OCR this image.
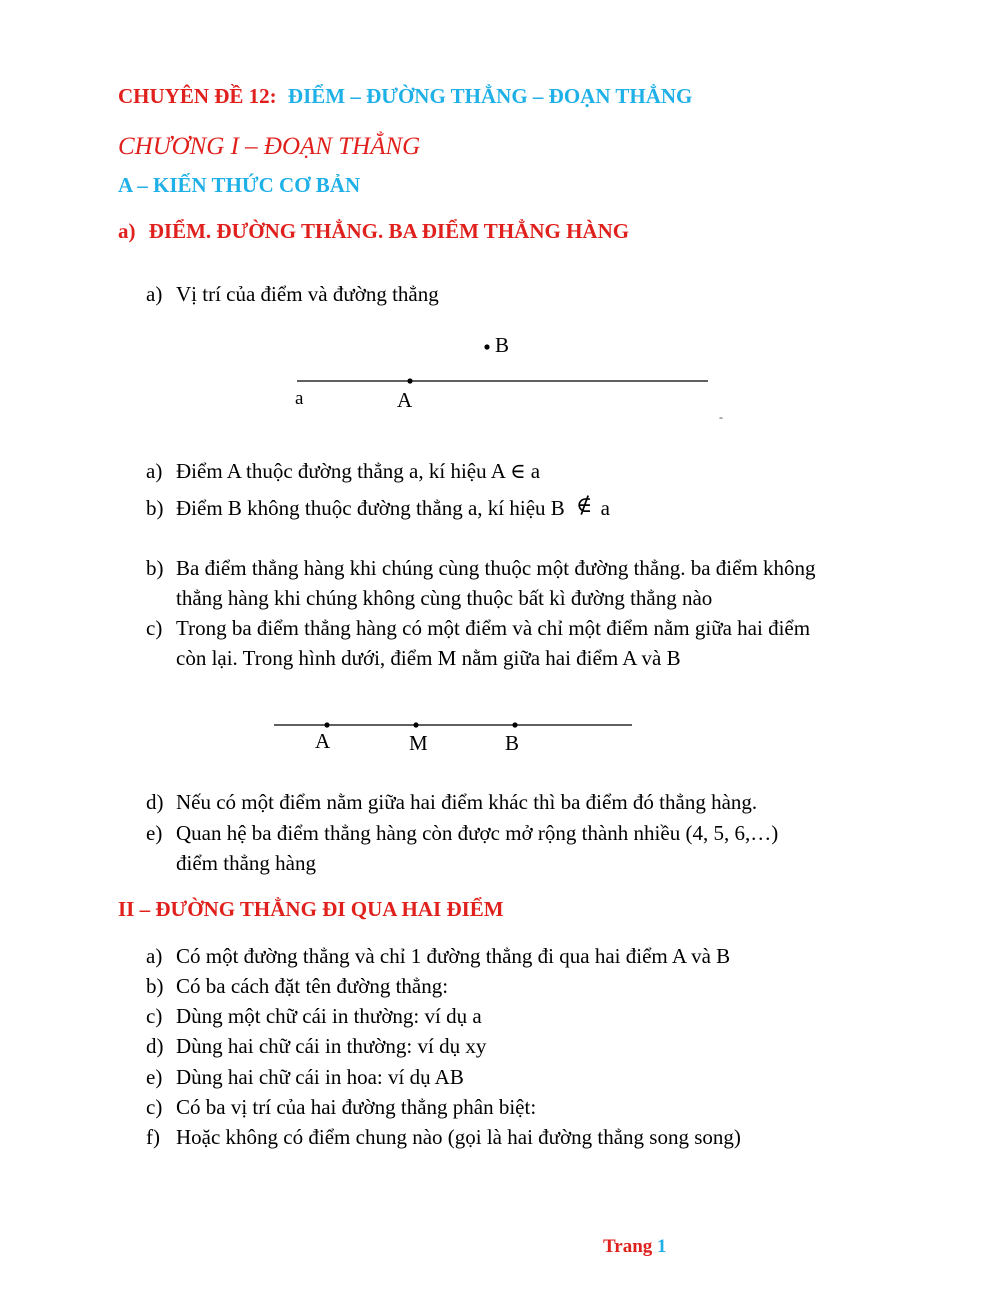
CHUYÊN ĐỀ 12: ĐIỂM – ĐƯỜNG THẲNG – ĐOẠN THẲNG
CHƯƠNG I – ĐOẠN THẲNG
A – KIẾN THỨC CƠ BẢN
a) ĐIỂM. ĐƯỜNG THẲNG. BA ĐIỂM THẲNG HÀNG
a) Vị trí của điểm và đường thẳng
B
a	A
-
a) Điểm A thuộc đường thẳng a, kí hiệu A ∈ a
b) Điểm B không thuộc đường thẳng a, kí hiệu B ∉ a
b) Ba điểm thẳng hàng khi chúng cùng thuộc một đường thẳng. ba điểm không
thẳng hàng khi chúng không cùng thuộc bất kì đường thẳng nào
c) Trong ba điểm thẳng hàng có một điểm và chỉ một điểm nằm giữa hai điểm
còn lại. Trong hình dưới, điểm M nằm giữa hai điểm A và B
A	M	B
d) Nếu có một điểm nằm giữa hai điểm khác thì ba điểm đó thẳng hàng.
e) Quan hệ ba điểm thẳng hàng còn được mở rộng thành nhiều (4, 5, 6,…)
điểm thẳng hàng
II – ĐƯỜNG THẲNG ĐI QUA HAI ĐIỂM
a) Có một đường thẳng và chỉ 1 đường thẳng đi qua hai điểm A và B
b) Có ba cách đặt tên đường thẳng:
c) Dùng một chữ cái in thường: ví dụ a
d) Dùng hai chữ cái in thường: ví dụ xy
e) Dùng hai chữ cái in hoa: ví dụ AB
c) Có ba vị trí của hai đường thẳng phân biệt:
f) Hoặc không có điểm chung nào (gọi là hai đường thẳng song song)
Trang 1
